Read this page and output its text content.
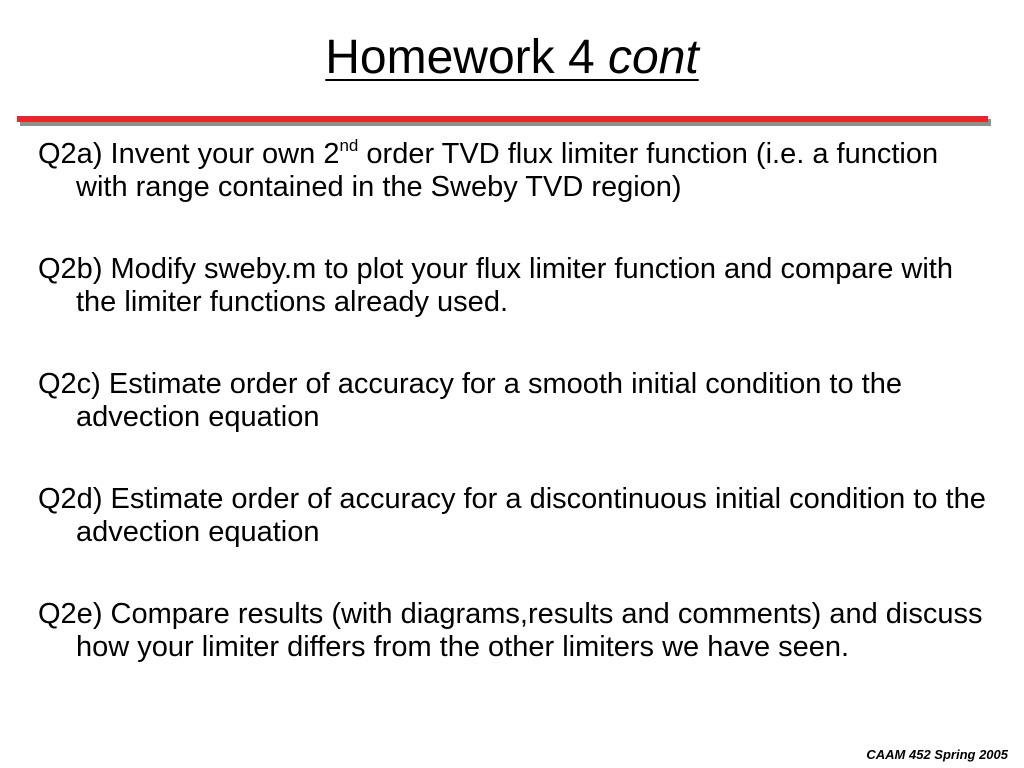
Homework 4 cont

Q2a) Invent your own 2nd order TVD flux limiter function (i.e. a function with range contained in the Sweby TVD region)

Q2b) Modify sweby.m to plot your flux limiter function and compare with the limiter functions already used.

Q2c) Estimate order of accuracy for a smooth initial condition to the advection equation

Q2d) Estimate order of accuracy for a discontinuous initial condition to the advection equation

Q2e) Compare results (with diagrams,results and comments) and discuss how your limiter differs from the other limiters we have seen.

CAAM 452 Spring 2005
